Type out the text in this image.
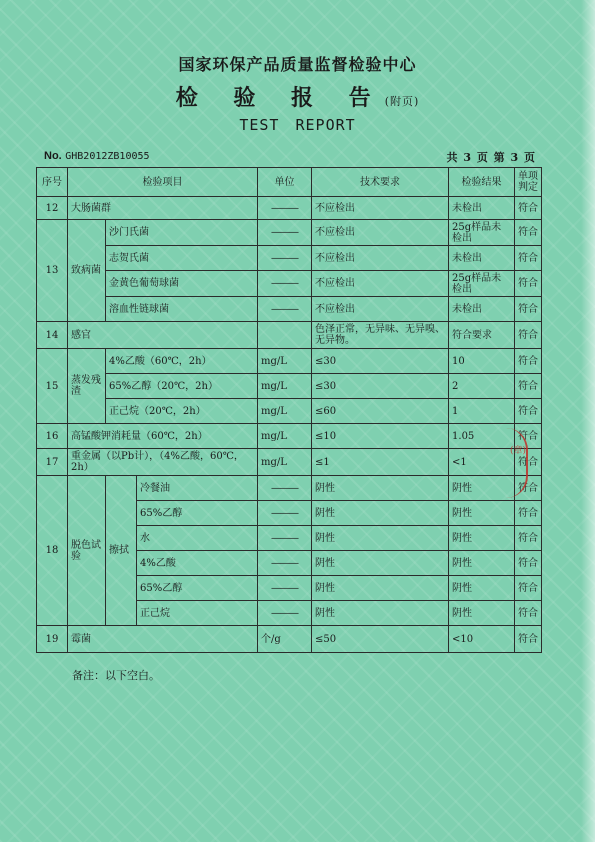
国家环保产品质量监督检验中心
检 验 报 告(附页)
TEST REPORT
No. GHB2012ZB10055	共 3 页 第 3 页
序号	检验项目			单位	技术要求	检验结果	单项判定
12	大肠菌群			———	不应检出	未检出	符合
13	致病菌	沙门氏菌		———	不应检出	25g样品未检出	符合
		志贺氏菌		———	不应检出	未检出	符合
		金黄色葡萄球菌		———	不应检出	25g样品未检出	符合
		溶血性链球菌		———	不应检出	未检出	符合
14	感官				色泽正常，无异味、无异嗅、无异物。	符合要求	符合
15	蒸发残渣	4%乙酸（60℃，2h）		mg/L	≤30	10	符合
		65%乙醇（20℃，2h）		mg/L	≤30	2	符合
		正己烷（20℃，2h）		mg/L	≤60	1	符合
16	高锰酸钾消耗量（60℃，2h）			mg/L	≤10	1.05	符合
17	重金属（以Pb计），（4%乙酸，60℃，2h）			mg/L	≤1	<1	符合
18	脱色试验	擦拭	冷餐油	———	阴性	阴性	符合
			65%乙醇	———	阴性	阴性	符合
			水	———	阴性	阴性	符合
			4%乙酸	———	阴性	阴性	符合
			65%乙醇	———	阴性	阴性	符合
			正己烷	———	阴性	阴性	符合
19	霉菌			个/g	≤50	<10	符合
(章)
备注：以下空白。
